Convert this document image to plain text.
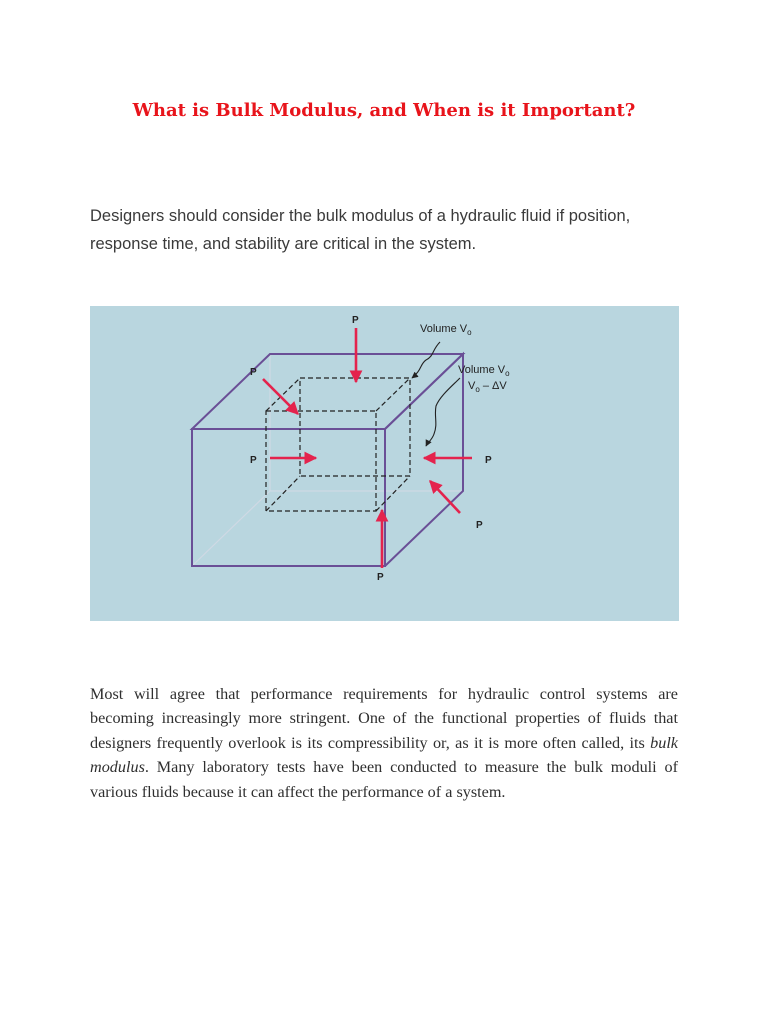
What is Bulk Modulus, and When is it Important?

Designers should consider the bulk modulus of a hydraulic fluid if position, response time, and stability are critical in the system.

P
P
P	P
P
P
Volume $V_o$
Volume $V_o$
$V_o$ – ΔV

Most will agree that performance requirements for hydraulic control systems are becoming increasingly more stringent. One of the functional properties of fluids that designers frequently overlook is its compressibility or, as it is more often called, its bulk modulus. Many laboratory tests have been conducted to measure the bulk moduli of various fluids because it can affect the performance of a system.
